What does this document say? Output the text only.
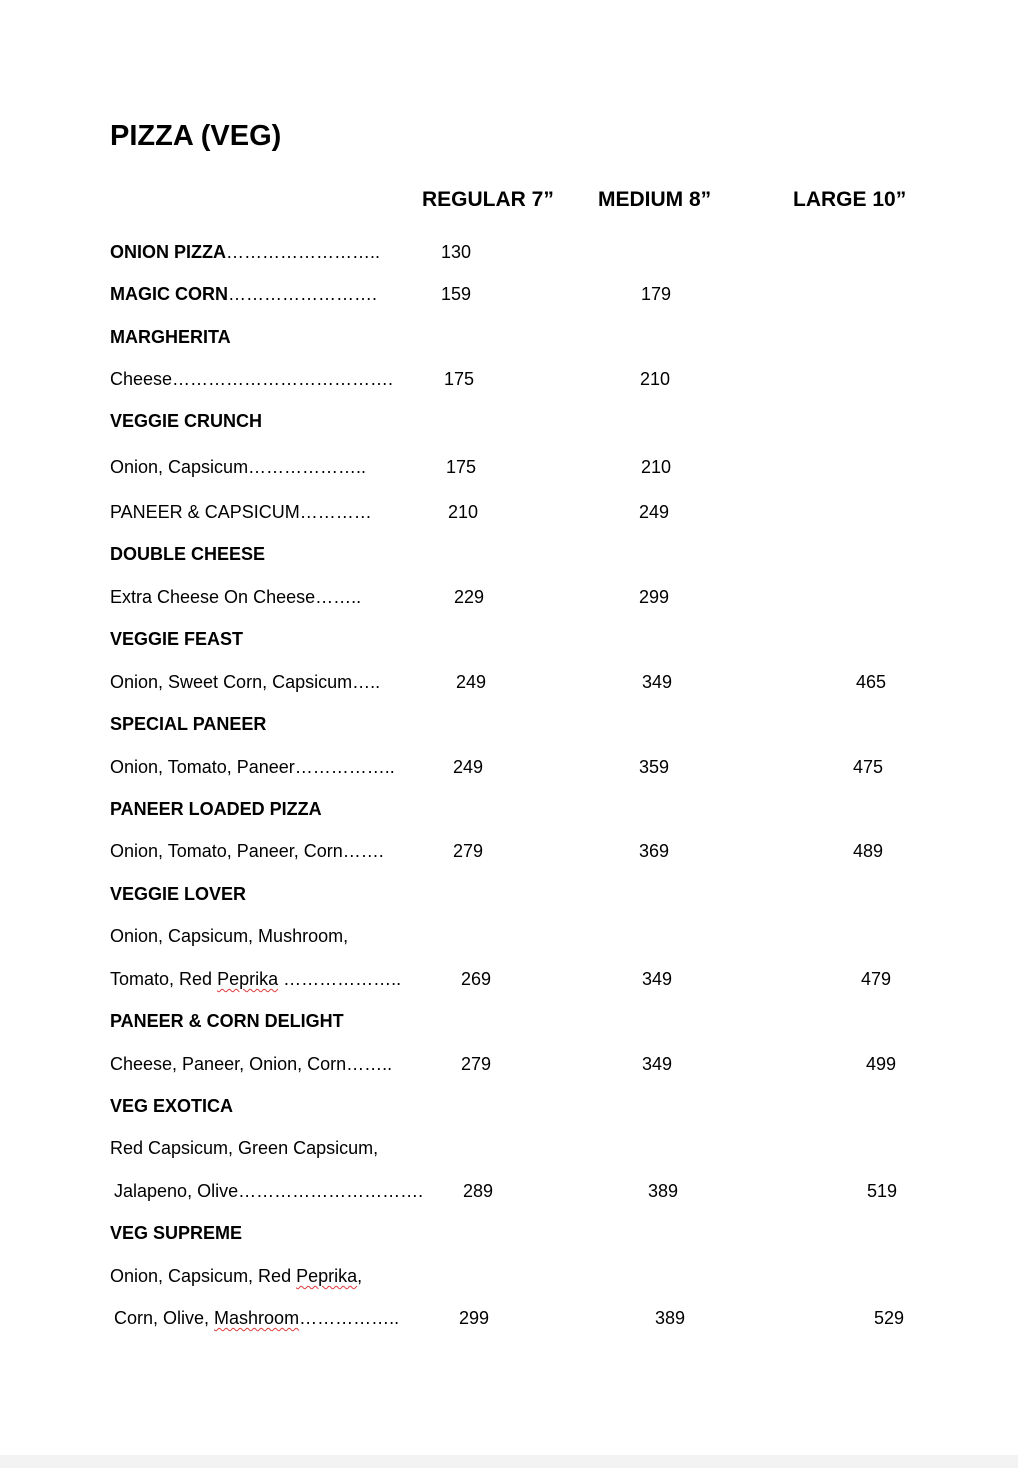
PIZZA (VEG)
REGULAR 7” MEDIUM 8”	LARGE 10”
ONION PIZZA……………………..	130
MAGIC CORN…………………….	159	179
MARGHERITA
Cheese……………………………….	175	210
VEGGIE CRUNCH
Onion, Capsicum………………..	175	210
PANEER & CAPSICUM…………	210	249
DOUBLE CHEESE
Extra Cheese On Cheese……..	229	299
VEGGIE FEAST
Onion, Sweet Corn, Capsicum…..	249	349	465
SPECIAL PANEER
Onion, Tomato, Paneer……………..	249	359	475
PANEER LOADED PIZZA
Onion, Tomato, Paneer, Corn…….	279	369	489
VEGGIE LOVER
Onion, Capsicum, Mushroom,
Tomato, Red Peprika ………………..	269	349	479
PANEER & CORN DELIGHT
Cheese, Paneer, Onion, Corn……..	279	349	499
VEG EXOTICA
Red Capsicum, Green Capsicum,
Jalapeno, Olive…………………………. 289	389	519
VEG SUPREME
Onion, Capsicum, Red Peprika,
Corn, Olive, Mashroom……………..	299	389	529
